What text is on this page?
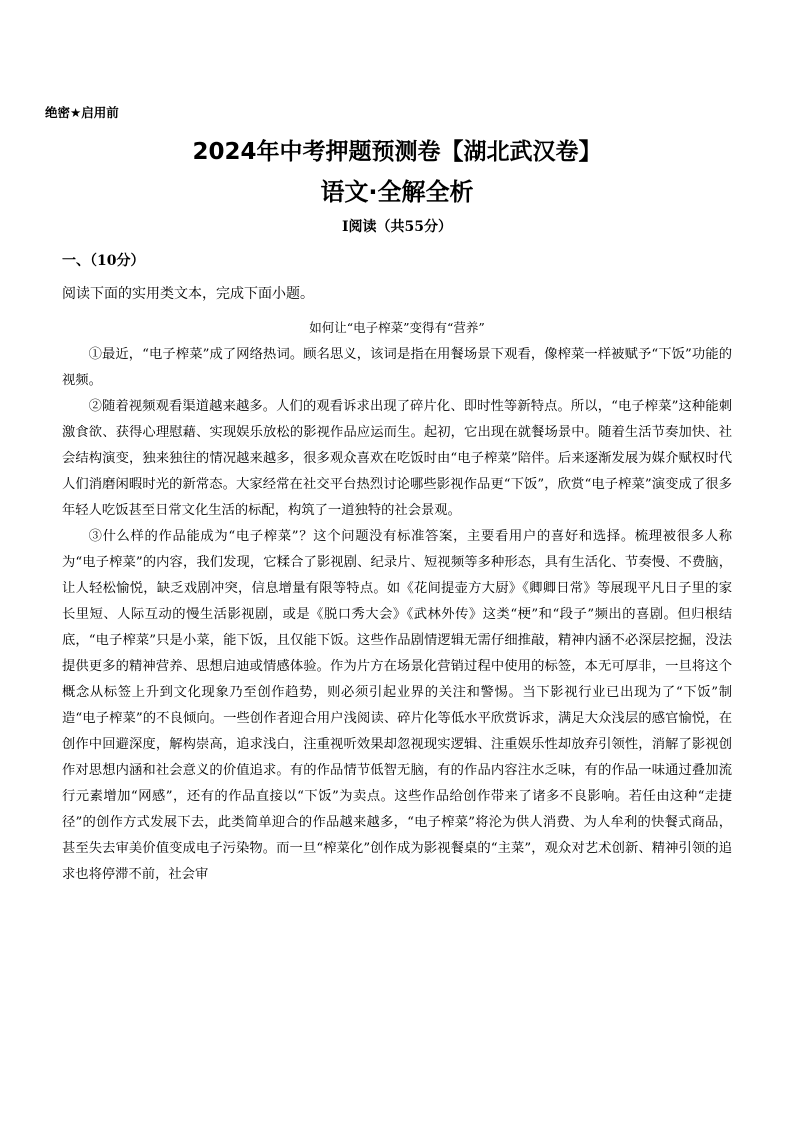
绝密★启用前
2024年中考押题预测卷【湖北武汉卷】
语文·全解全析
I阅读（共55分）
一、（10分）
阅读下面的实用类文本，完成下面小题。
如何让“电子榨菜”变得有“营养”

①最近，“电子榨菜”成了网络热词。顾名思义，该词是指在用餐场景下观看，像榨菜一样被赋予“下饭”功能的视频。

②随着视频观看渠道越来越多。人们的观看诉求出现了碎片化、即时性等新特点。所以，“电子榨菜”这种能刺激食欲、获得心理慰藉、实现娱乐放松的影视作品应运而生。起初，它出现在就餐场景中。随着生活节奏加快、社会结构演变，独来独往的情况越来越多，很多观众喜欢在吃饭时由“电子榨菜”陪伴。后来逐渐发展为媒介赋权时代人们消磨闲暇时光的新常态。大家经常在社交平台热烈讨论哪些影视作品更“下饭”，欣赏“电子榨菜”演变成了很多年轻人吃饭甚至日常文化生活的标配，构筑了一道独特的社会景观。

③什么样的作品能成为“电子榨菜”？这个问题没有标准答案，主要看用户的喜好和选择。梳理被很多人称为“电子榨菜”的内容，我们发现，它糅合了影视剧、纪录片、短视频等多种形态，具有生活化、节奏慢、不费脑，让人轻松愉悦，缺乏戏剧冲突，信息增量有限等特点。如《花间提壶方大厨》《卿卿日常》等展现平凡日子里的家长里短、人际互动的慢生活影视剧，或是《脱口秀大会》《武林外传》这类“梗”和“段子”频出的喜剧。但归根结底，“电子榨菜”只是小菜，能下饭，且仅能下饭。这些作品剧情逻辑无需仔细推敲，精神内涵不必深层挖掘，没法提供更多的精神营养、思想启迪或情感体验。作为片方在场景化营销过程中使用的标签，本无可厚非，一旦将这个概念从标签上升到文化现象乃至创作趋势，则必须引起业界的关注和警惕。当下影视行业已出现为了“下饭”制造“电子榨菜”的不良倾向。一些创作者迎合用户浅阅读、碎片化等低水平欣赏诉求，满足大众浅层的感官愉悦，在创作中回避深度，解构崇高，追求浅白，注重视听效果却忽视现实逻辑、注重娱乐性却放弃引领性，消解了影视创作对思想内涵和社会意义的价值追求。有的作品情节低智无脑，有的作品内容注水乏味，有的作品一味通过叠加流行元素增加“网感”，还有的作品直接以“下饭”为卖点。这些作品给创作带来了诸多不良影响。若任由这种“走捷径”的创作方式发展下去，此类简单迎合的作品越来越多，“电子榨菜”将沦为供人消费、为人牟利的快餐式商品，甚至失去审美价值变成电子污染物。而一旦“榨菜化”创作成为影视餐桌的“主菜”，观众对艺术创新、精神引领的追求也将停滞不前，社会审
